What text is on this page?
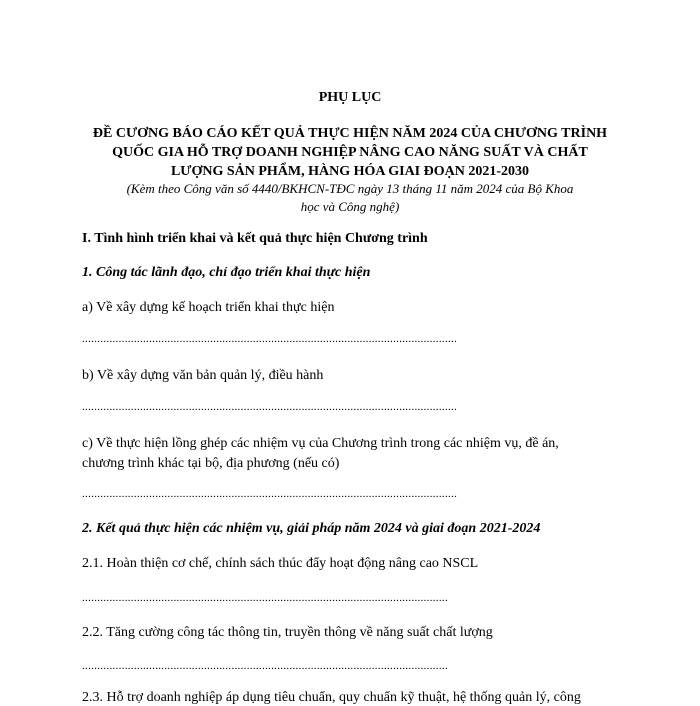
PHỤ LỤC
ĐỀ CƯƠNG BÁO CÁO KẾT QUẢ THỰC HIỆN NĂM 2024 CỦA CHƯƠNG TRÌNH
QUỐC GIA HỖ TRỢ DOANH NGHIỆP NÂNG CAO NĂNG SUẤT VÀ CHẤT
LƯỢNG SẢN PHẨM, HÀNG HÓA GIAI ĐOẠN 2021-2030
(Kèm theo Công văn số 4440/BKHCN-TĐC ngày 13 tháng 11 năm 2024 của Bộ Khoa
học và Công nghệ)
I. Tình hình triển khai và kết quả thực hiện Chương trình
1. Công tác lãnh đạo, chỉ đạo triển khai thực hiện
a) Về xây dựng kế hoạch triển khai thực hiện
...........................................................................................................................
b) Về xây dựng văn bản quản lý, điều hành
...........................................................................................................................
c) Về thực hiện lồng ghép các nhiệm vụ của Chương trình trong các nhiệm vụ, đề án,
chương trình khác tại bộ, địa phương (nếu có)
...........................................................................................................................
2. Kết quả thực hiện các nhiệm vụ, giải pháp năm 2024 và giai đoạn 2021-2024
2.1. Hoàn thiện cơ chế, chính sách thúc đẩy hoạt động nâng cao NSCL
........................................................................................................................
2.2. Tăng cường công tác thông tin, truyền thông về năng suất chất lượng
........................................................................................................................
2.3. Hỗ trợ doanh nghiệp áp dụng tiêu chuẩn, quy chuẩn kỹ thuật, hệ thống quản lý, công
